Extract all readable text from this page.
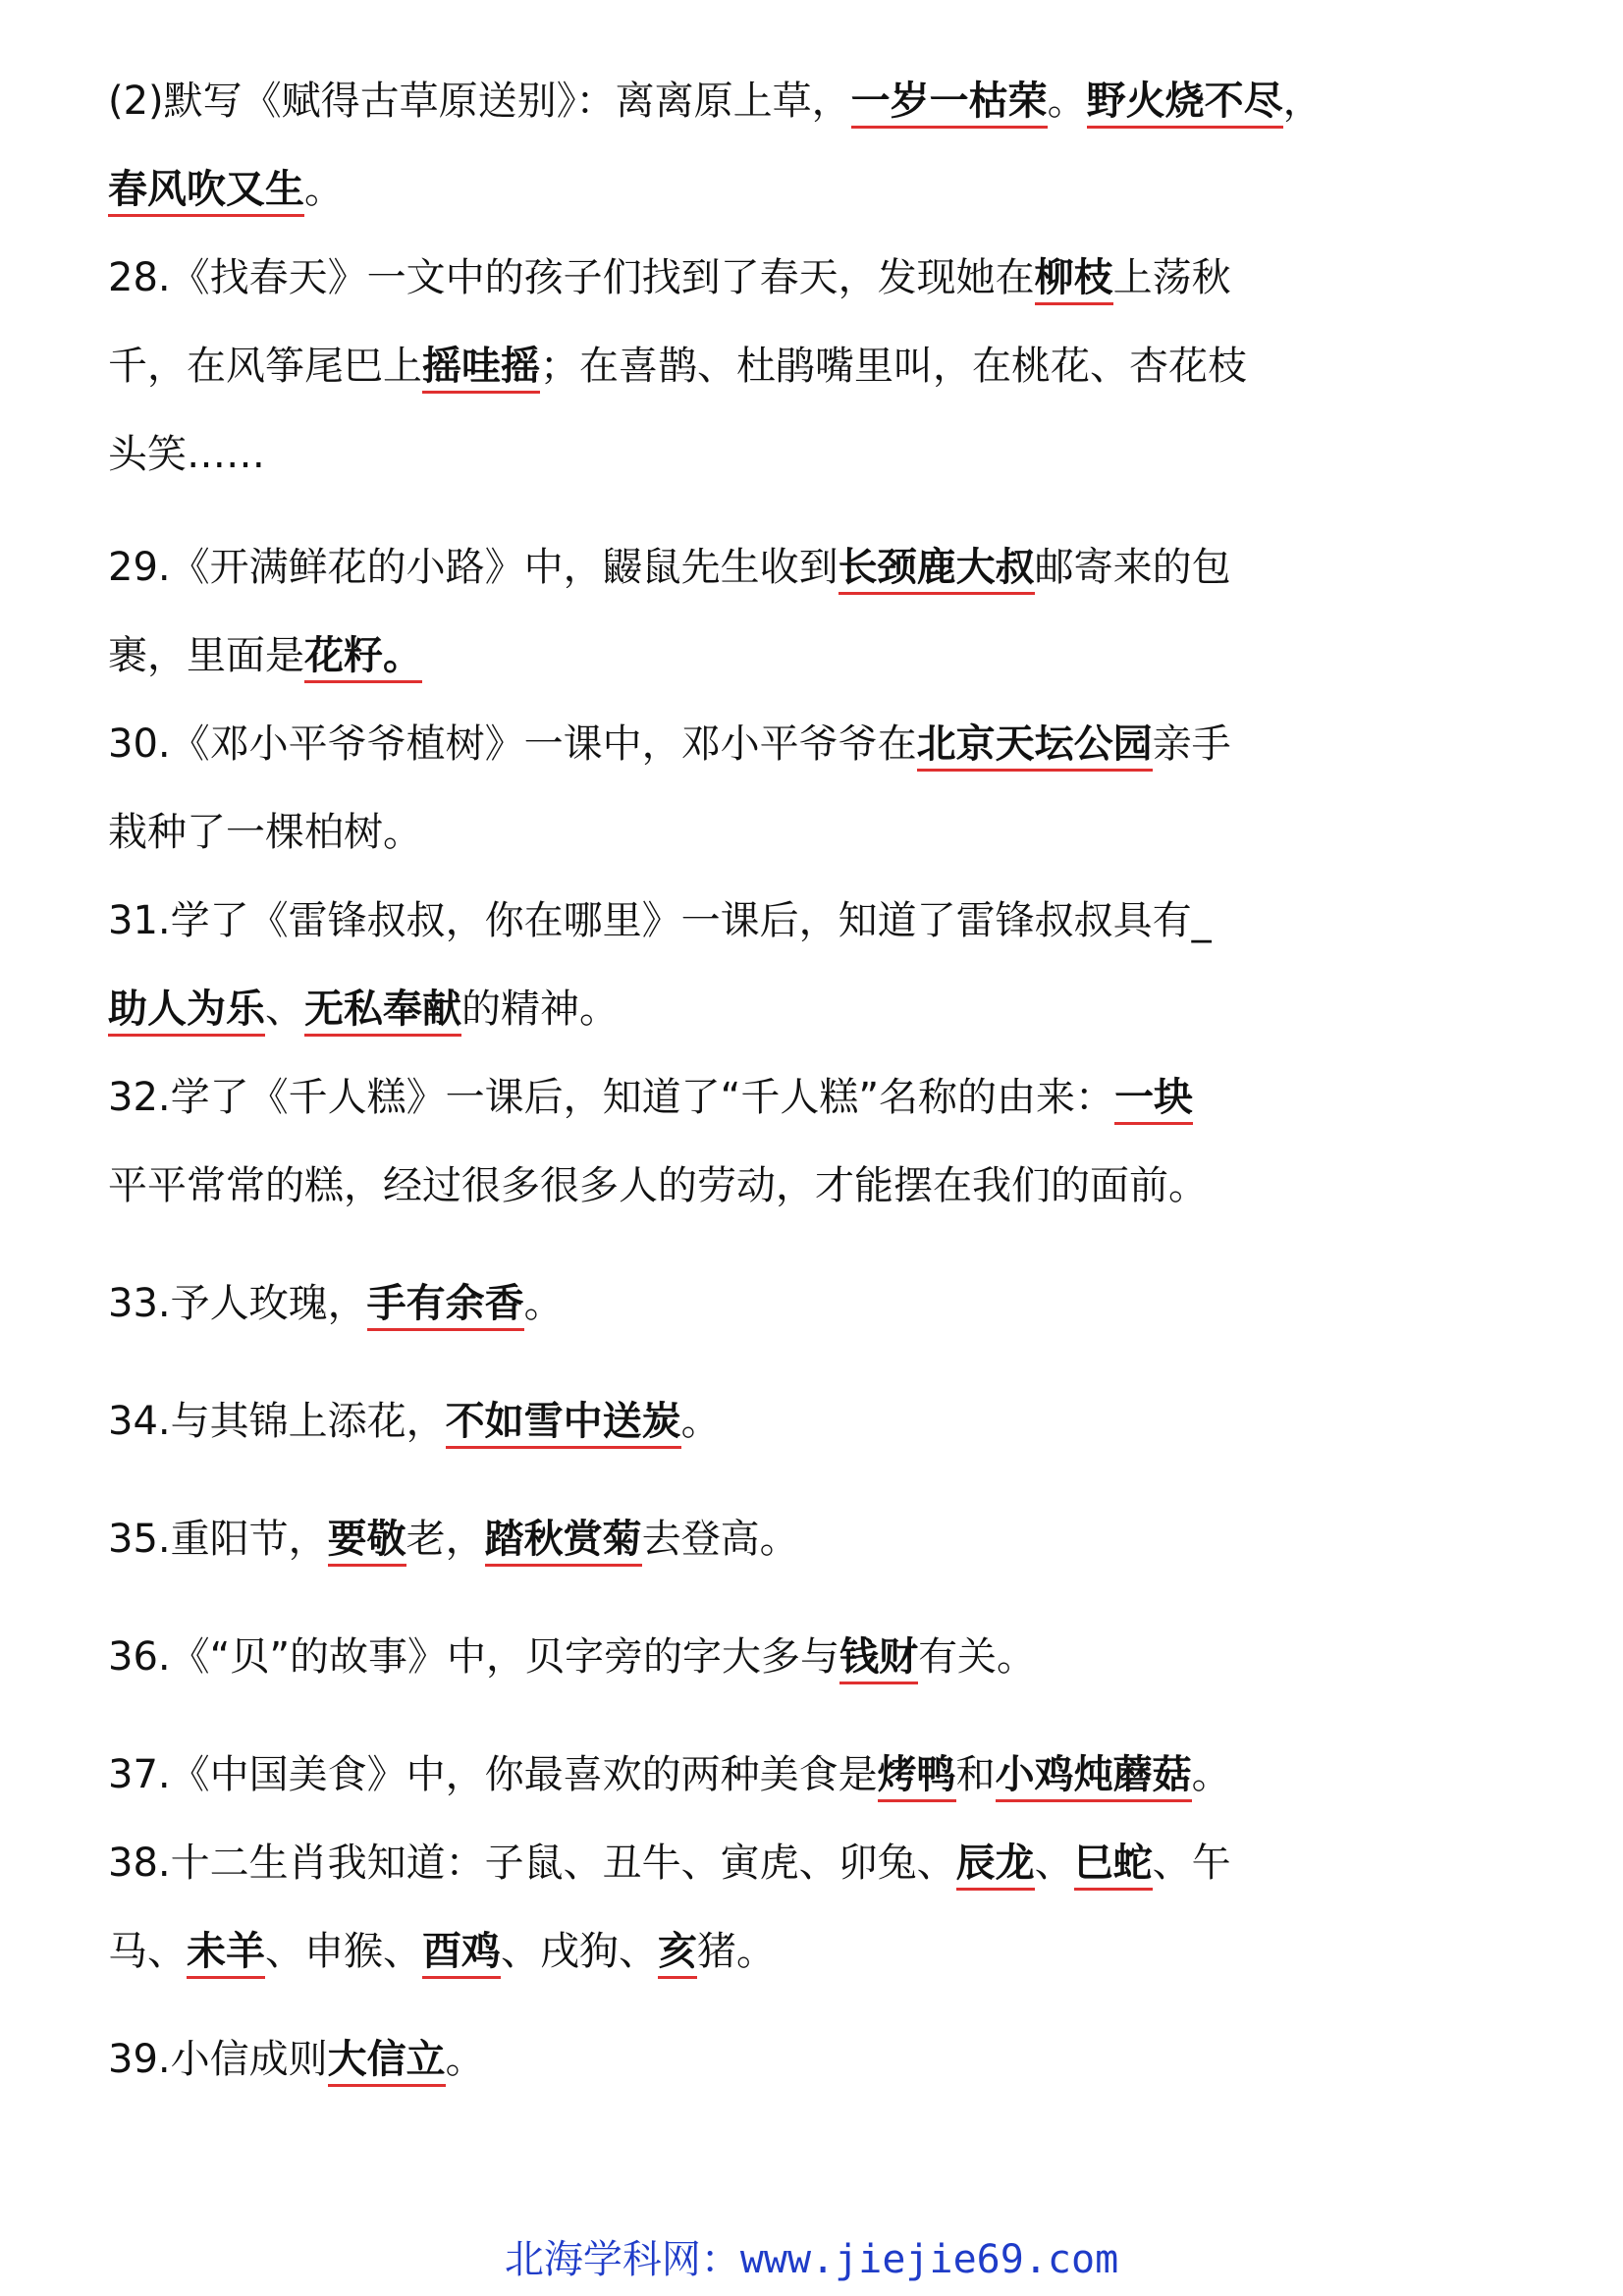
(2)默写《赋得古草原送别》：离离原上草，一岁一枯荣。野火烧不尽，
春风吹又生。
28.《找春天》一文中的孩子们找到了春天，发现她在柳枝上荡秋
千，在风筝尾巴上摇哇摇；在喜鹊、杜鹃嘴里叫，在桃花、杏花枝
头笑……
29.《开满鲜花的小路》中，鼹鼠先生收到长颈鹿大叔邮寄来的包
裹，里面是花籽。
30.《邓小平爷爷植树》一课中，邓小平爷爷在北京天坛公园亲手
栽种了一棵柏树。
31.学了《雷锋叔叔，你在哪里》一课后，知道了雷锋叔叔具有_
助人为乐、无私奉献的精神。
32.学了《千人糕》一课后，知道了“千人糕”名称的由来：一块
平平常常的糕，经过很多很多人的劳动，才能摆在我们的面前。
33.予人玫瑰，手有余香。
34.与其锦上添花，不如雪中送炭。
35.重阳节，要敬老，踏秋赏菊去登高。
36.《“贝”的故事》中，贝字旁的字大多与钱财有关。
37.《中国美食》中，你最喜欢的两种美食是烤鸭和小鸡炖蘑菇。
38.十二生肖我知道：子鼠、丑牛、寅虎、卯兔、辰龙、巳蛇、午
马、未羊、申猴、酉鸡、戌狗、亥猪。
39.小信成则大信立。
北海学科网：www.jiejie69.com
